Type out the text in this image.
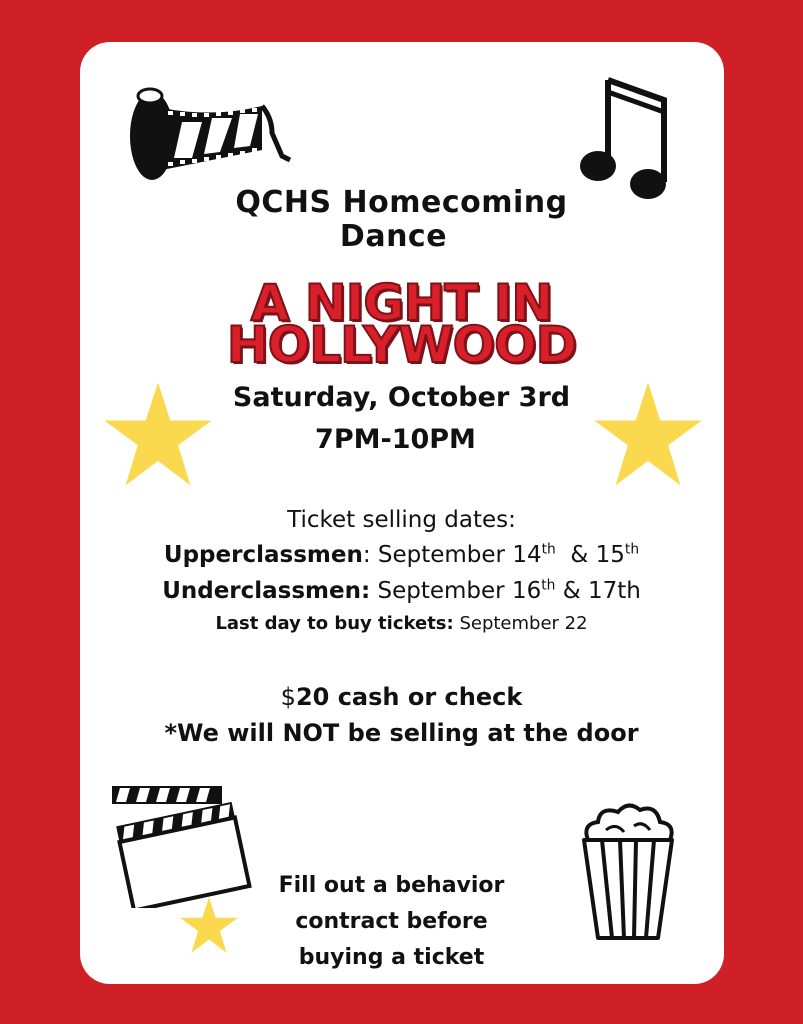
QCHS Homecoming
Dance
A NIGHT IN
HOLLYWOOD
Saturday, October 3rd
7PM-10PM
Ticket selling dates:
Upperclassmen: September 14th  & 15th
Underclassmen: September 16th & 17th
Last day to buy tickets: September 22
$20 cash or check
*We will NOT be selling at the door
Fill out a behavior
contract before
buying a ticket
